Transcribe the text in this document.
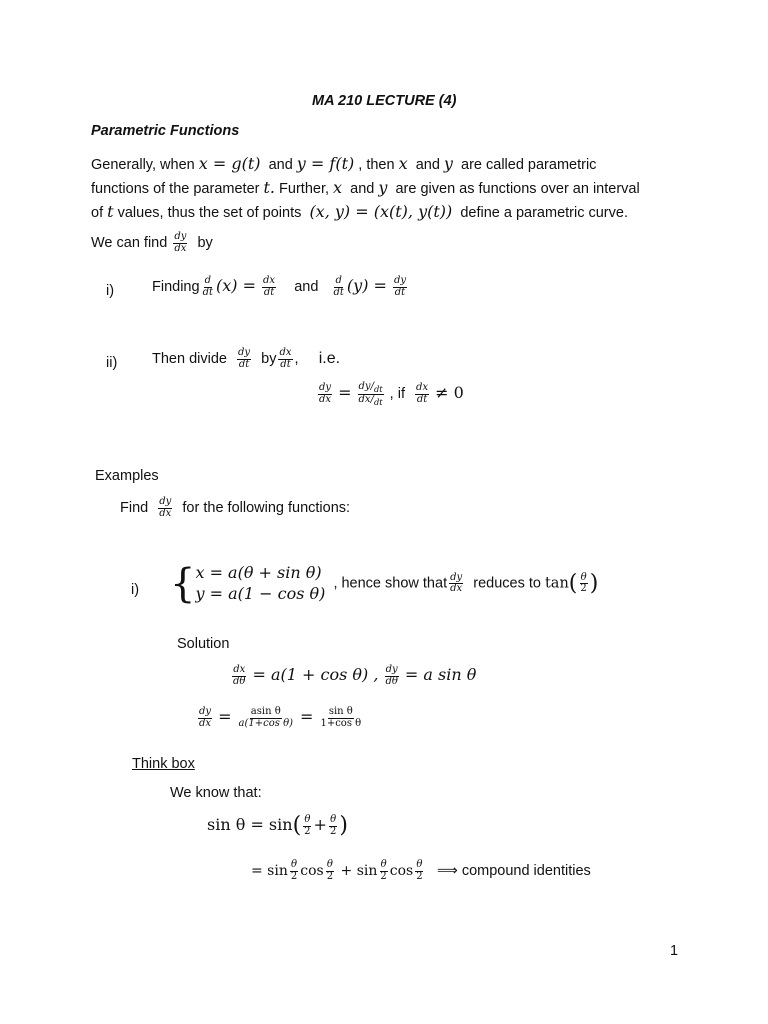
MA 210 LECTURE (4)
Parametric Functions
Generally, when x = g(t) and y = f(t) , then x and y are called parametric
functions of the parameter t. Further, x and y are given as functions over an interval
of t values, thus the set of points (x, y) = (x(t), y(t)) define a parametric curve.
We can find $\frac{dy}{dx}$ by
i)	Finding $\frac{d}{dt} (x) = \frac{dx}{dt}$ and $\frac{d}{dt} (y) = \frac{dy}{dt}$
ii) Then divide $\frac{dy}{dt}$ by $\frac{dx}{dt}$ , i.e.
$\frac{dy}{dx} = \frac{dy/_{dt}}{dx/_{dt}}$ , if $\frac{dx}{dt} \ne 0$
Examples
Find $\frac{dy}{dx}$ for the following functions:
i) { x = a(θ + sin θ)
y = a(1 − cos θ)
, hence show that $\frac{dy}{dx}$ reduces to $\tan( \frac{\theta}{2}$ )
Solution
$\frac{dx}{d\theta} = a(1 + \cos \theta)$ , $\frac{dy}{d\theta} = a$ sin θ
$\frac{dy}{dx} = \frac{\text{asin θ}}{\text{a(1+cos θ)}} = \frac{\text{sin θ}}{\text{1+cos θ}}$
Think box
We know that:
$\sin \theta = \sin( \frac{\theta}{2} + \frac{\theta}{2}$ )
= $\sin \frac{\theta}{2}$ $\cos \frac{\theta}{2} + \sin \frac{\theta}{2}$ $\cos \frac{\theta}{2}$ ⟹ compound identities
1
